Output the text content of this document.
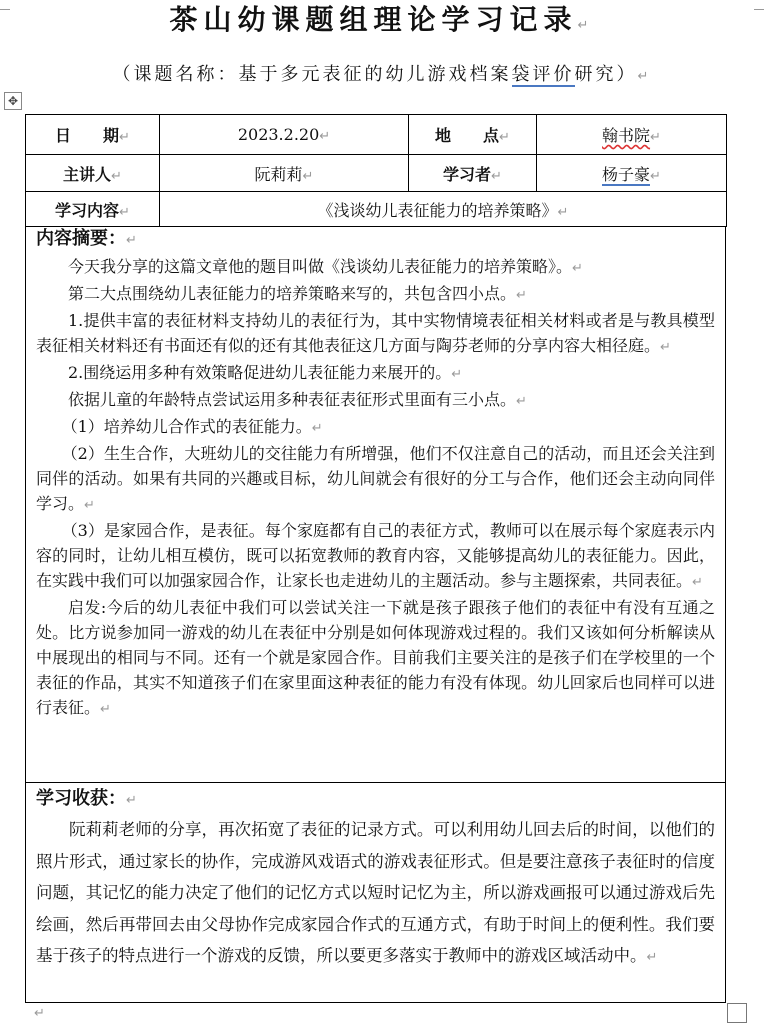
茶山幼课题组理论学习记录↵
（课题名称：基于多元表征的幼儿游戏档案袋评价研究）↵
✥
日　　期↵	2023.2.20↵	地　　点↵	翰书院↵
主讲人↵	阮莉莉↵	学习者↵	杨子豪↵
学习内容↵	《浅谈幼儿表征能力的培养策略》↵		
内容摘要：↵

今天我分享的这篇文章他的题目叫做《浅谈幼儿表征能力的培养策略》。↵

第二大点围绕幼儿表征能力的培养策略来写的，共包含四小点。↵

1.提供丰富的表征材料支持幼儿的表征行为，其中实物情境表征相关材料或者是与教具模型表征相关材料还有书面还有似的还有其他表征这几方面与陶芬老师的分享内容大相径庭。↵

2.围绕运用多种有效策略促进幼儿表征能力来展开的。↵

依据儿童的年龄特点尝试运用多种表征表征形式里面有三小点。↵

（1）培养幼儿合作式的表征能力。↵

（2）生生合作，大班幼儿的交往能力有所增强，他们不仅注意自己的活动，而且还会关注到同伴的活动。如果有共同的兴趣或目标，幼儿间就会有很好的分工与合作，他们还会主动向同伴学习。↵

（3）是家园合作，是表征。每个家庭都有自己的表征方式，教师可以在展示每个家庭表示内容的同时，让幼儿相互模仿，既可以拓宽教师的教育内容，又能够提高幼儿的表征能力。因此，在实践中我们可以加强家园合作，让家长也走进幼儿的主题活动。参与主题探索，共同表征。↵

启发:今后的幼儿表征中我们可以尝试关注一下就是孩子跟孩子他们的表征中有没有互通之处。比方说参加同一游戏的幼儿在表征中分别是如何体现游戏过程的。我们又该如何分析解读从中展现出的相同与不同。还有一个就是家园合作。目前我们主要关注的是孩子们在学校里的一个表征的作品，其实不知道孩子们在家里面这种表征的能力有没有体现。幼儿回家后也同样可以进行表征。↵

学习收获：↵

阮莉莉老师的分享，再次拓宽了表征的记录方式。可以利用幼儿回去后的时间，以他们的照片形式，通过家长的协作，完成游风戏语式的游戏表征形式。但是要注意孩子表征时的信度问题，其记忆的能力决定了他们的记忆方式以短时记忆为主，所以游戏画报可以通过游戏后先绘画，然后再带回去由父母协作完成家园合作式的互通方式，有助于时间上的便利性。我们要基于孩子的特点进行一个游戏的反馈，所以要更多落实于教师中的游戏区域活动中。↵

↵
